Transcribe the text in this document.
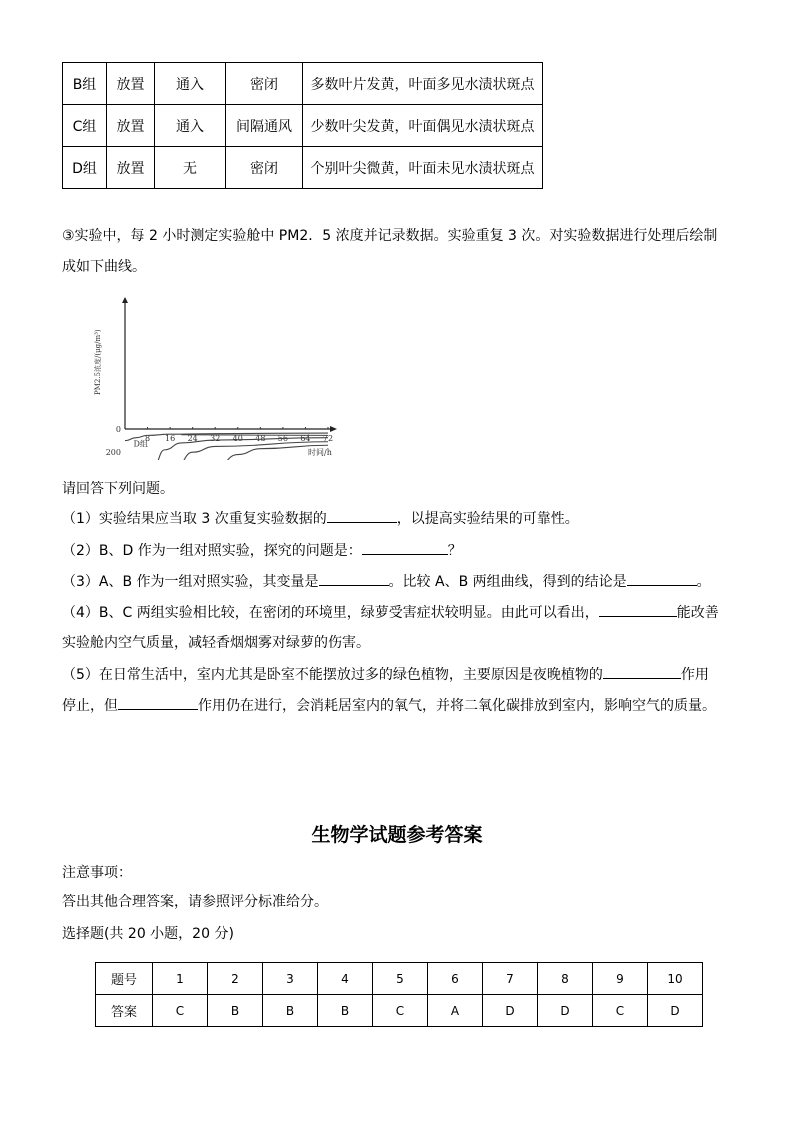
B组	放置	通入	密闭	多数叶片发黄，叶面多见水渍状斑点
C组	放置	通入	间隔通风	少数叶尖发黄，叶面偶见水渍状斑点
D组	放置	无	密闭	个别叶尖微黄，叶面未见水渍状斑点
③实验中，每 2 小时测定实验舱中 PM2．5 浓度并记录数据。实验重复 3 次。对实验数据进行处理后绘制
成如下曲线。
0
200
8 16 24 32 40 48 56 64 72
时间/h
PM2.5浓度/(μg/m³)
D组
请回答下列问题。
（1）实验结果应当取 3 次重复实验数据的	，以提高实验结果的可靠性。
（2）B、D 作为一组对照实验，探究的问题是：	？
（3）A、B 作为一组对照实验，其变量是	。比较 A、B 两组曲线，得到的结论是	。
（4）B、C 两组实验相比较，在密闭的环境里，绿萝受害症状较明显。由此可以看出，	能改善
实验舱内空气质量，减轻香烟烟雾对绿萝的伤害。
（5）在日常生活中，室内尤其是卧室不能摆放过多的绿色植物，主要原因是夜晚植物的	作用
停止，但	作用仍在进行，会消耗居室内的氧气，并将二氧化碳排放到室内，影响空气的质量。
生物学试题参考答案
注意事项：
答出其他合理答案，请参照评分标准给分。
选择题(共 20 小题，20 分)
题号	1	2	3	4	5	6	7	8	9	10
答案	C	B	B	B	C	A	D	D	C	D
